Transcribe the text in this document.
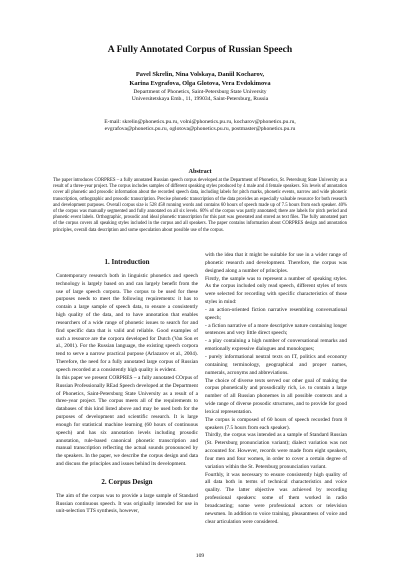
A Fully Annotated Corpus of Russian Speech
Pavel Skrelin, Nina Volskaya, Daniil Kocharov,
Karina Evgrafova, Olga Glotova, Vera Evdokimova
Department of Phonetics, Saint-Petersburg State University
Universitetskaya Emb., 11, 199034, Saint-Petersburg, Russia
E-mail: skrelin@phonetics.pu.ru, volni@phonetics.pu.ru, kocharov@phonetics.pu.ru,
evgrafova@phonetics.pu.ru, oglotova@phonetics.pu.ru, postmaster@phonetics.pu.ru
Abstract
The paper introduces CORPRES – a fully annotated Russian speech corpus developed at the Department of Phonetics, St. Petersburg State University as a result of a three-year project. The corpus includes samples of different speaking styles produced by 4 male and 4 female speakers. Six levels of annotation cover all phonetic and prosodic information about the recorded speech data, including labels for pitch marks, phonetic events, narrow and wide phonetic transcription, orthographic and prosodic transcription. Precise phonetic transcription of the data provides an especially valuable resource for both research and development purposes. Overall corpus size is 528 458 running words and contains 60 hours of speech made up of 7.5 hours from each speaker. 40% of the corpus was manually segmented and fully annotated on all six levels. 60% of the corpus was partly annotated; there are labels for pitch period and phonetic event labels. Orthographic, prosodic and ideal phonetic transcription for this part was generated and stored as text files. The fully annotated part of the corpus covers all speaking styles included in the corpus and all speakers. The paper contains information about CORPRES design and annotation principles, overall data description and some speculation about possible use of the corpus.
1. Introduction

Contemporary research both in linguistic phonetics and speech technology is largely based on and can largely benefit from the use of large speech corpora. The corpus to be used for these purposes needs to meet the following requirements: it has to contain a large sample of speech data, to ensure a consistently high quality of the data, and to have annotation that enables researchers of a wide range of phonetic issues to search for and find specific data that is valid and reliable. Good examples of such a resource are the corpora developed for Dutch (Van Son et al., 2001). For the Russian language, the existing speech corpora tend to serve a narrow practical purpose (Arlazarov et al., 2004). Therefore, the need for a fully annotated large corpus of Russian speech recorded at a consistently high quality is evident.

In this paper we present CORPRES – a fully annotated COrpus of Russian Professionally REad Speech developed at the Department of Phonetics, Saint-Petersburg State University as a result of a three-year project. The corpus meets all of the requirements to databases of this kind listed above and may be used both for the purposes of development and scientific research. It is large enough for statistical machine learning (60 hours of continuous speech) and has six annotation levels including prosodic annotation, rule-based canonical phonetic transcription and manual transcription reflecting the actual sounds pronounced by the speakers. In the paper, we describe the corpus design and data and discuss the principles and issues behind its development.

2. Corpus Design

The aim of the corpus was to provide a large sample of Standard Russian continuous speech. It was originally intended for use in unit-selection TTS synthesis, however,

with the idea that it might be suitable for use in a wider range of phonetic research and development. Therefore, the corpus was designed along a number of principles.

Firstly, the sample was to represent a number of speaking styles. As the corpus included only read speech, different styles of texts were selected for recording with specific characteristics of those styles in mind:

- an action-oriented fiction narrative resembling conversational speech;

- a fiction narrative of a more descriptive nature containing longer sentences and very little direct speech;

- a play containing a high number of conversational remarks and emotionally expressive dialogues and monologues;

- purely informational neutral texts on IT, politics and economy containing terminology, geographical and proper names, numerals, acronyms and abbreviations.

The choice of diverse texts served our other goal of making the corpus phonetically and prosodically rich, i.e. to contain a large number of all Russian phonemes in all possible contexts and a wide range of diverse prosodic structures, and to provide for good lexical representation.

The corpus is composed of 60 hours of speech recorded from 8 speakers (7.5 hours from each speaker).

Thirdly, the corpus was intended as a sample of Standard Russian (St. Petersburg pronunciation variant); dialect variation was not accounted for. However, records were made from eight speakers, four men and four women, in order to cover a certain degree of variation within the St. Petersburg pronunciation variant.

Fourthly, it was necessary to ensure consistently high quality of all data both in terms of technical characteristics and voice quality. The latter objective was achieved by recording professional speakers: some of them worked in radio broadcasting; some were professional actors or television newsmen. In addition to voice training, pleasantness of voice and clear articulation were considered.

109
